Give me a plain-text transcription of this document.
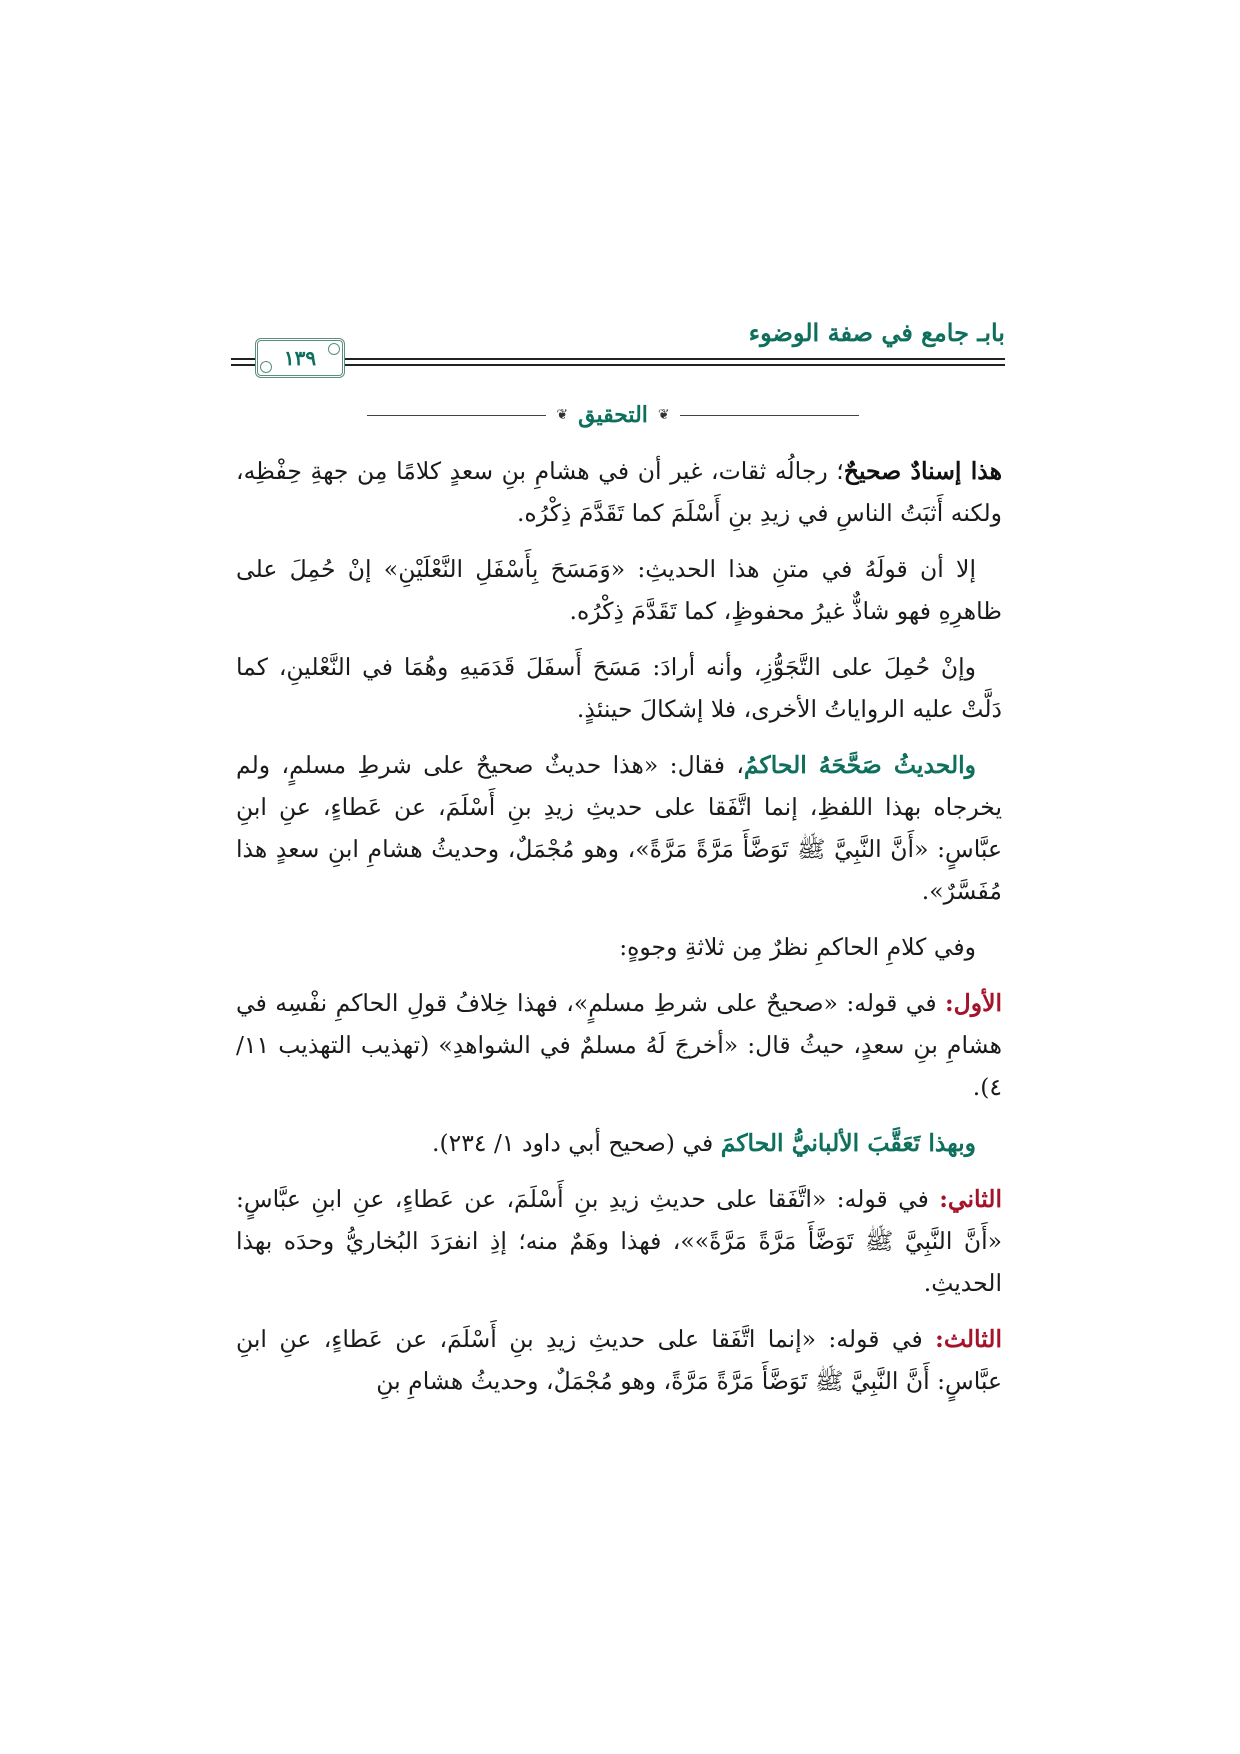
بابـ جامع في صفة الوضوء
١٣٩
❦
التحقيق
❦

هذا إسنادٌ صحيحٌ؛ رجالُه ثقات، غير أن في هشامِ بنِ سعدٍ كلامًا مِن جهةِ حِفْظِه، ولكنه أَثبَتُ الناسِ في زيدِ بنِ أَسْلَمَ كما تَقَدَّمَ ذِكْرُه.

إلا أن قولَهُ في متنِ هذا الحديثِ: «وَمَسَحَ بِأَسْفَلِ النَّعْلَيْنِ» إنْ حُمِلَ على ظاهرِهِ فهو شاذٌّ غيرُ محفوظٍ، كما تَقَدَّمَ ذِكْرُه.

وإنْ حُمِلَ على التَّجَوُّزِ، وأنه أرادَ: مَسَحَ أَسفَلَ قَدَمَيهِ وهُمَا في النَّعْلينِ، كما دَلَّتْ عليه الرواياتُ الأخرى، فلا إشكالَ حينئذٍ.

والحديثُ صَحَّحَهُ الحاكمُ، فقال: «هذا حديثٌ صحيحٌ على شرطِ مسلمٍ، ولم يخرجاه بهذا اللفظِ، إنما اتَّفَقا على حديثِ زيدِ بنِ أَسْلَمَ، عن عَطاءٍ، عنِ ابنِ عبَّاسٍ: «أَنَّ النَّبِيَّ ﷺ تَوَضَّأَ مَرَّةً مَرَّةً»، وهو مُجْمَلٌ، وحديثُ هشامِ ابنِ سعدٍ هذا مُفَسَّرٌ».

وفي كلامِ الحاكمِ نظرٌ مِن ثلاثةِ وجوهٍ:

الأول: في قوله: «صحيحٌ على شرطِ مسلمٍ»، فهذا خِلافُ قولِ الحاكمِ نفْسِه في هشامِ بنِ سعدٍ، حيثُ قال: «أخرجَ لَهُ مسلمٌ في الشواهدِ» (تهذيب التهذيب ١١/ ٤).

وبهذا تَعَقَّبَ الألبانيُّ الحاكمَ في (صحيح أبي داود ١/ ٢٣٤).

الثاني: في قوله: «اتَّفَقا على حديثِ زيدِ بنِ أَسْلَمَ، عن عَطاءٍ، عنِ ابنِ عبَّاسٍ: «أَنَّ النَّبِيَّ ﷺ تَوَضَّأَ مَرَّةً مَرَّةً»»، فهذا وهَمٌ منه؛ إذِ انفرَدَ البُخاريُّ وحدَه بهذا الحديثِ.

الثالث: في قوله: «إنما اتَّفَقا على حديثِ زيدِ بنِ أَسْلَمَ، عن عَطاءٍ، عنِ ابنِ عبَّاسٍ: أَنَّ النَّبِيَّ ﷺ تَوَضَّأَ مَرَّةً مَرَّةً، وهو مُجْمَلٌ، وحديثُ هشامِ بنِ
